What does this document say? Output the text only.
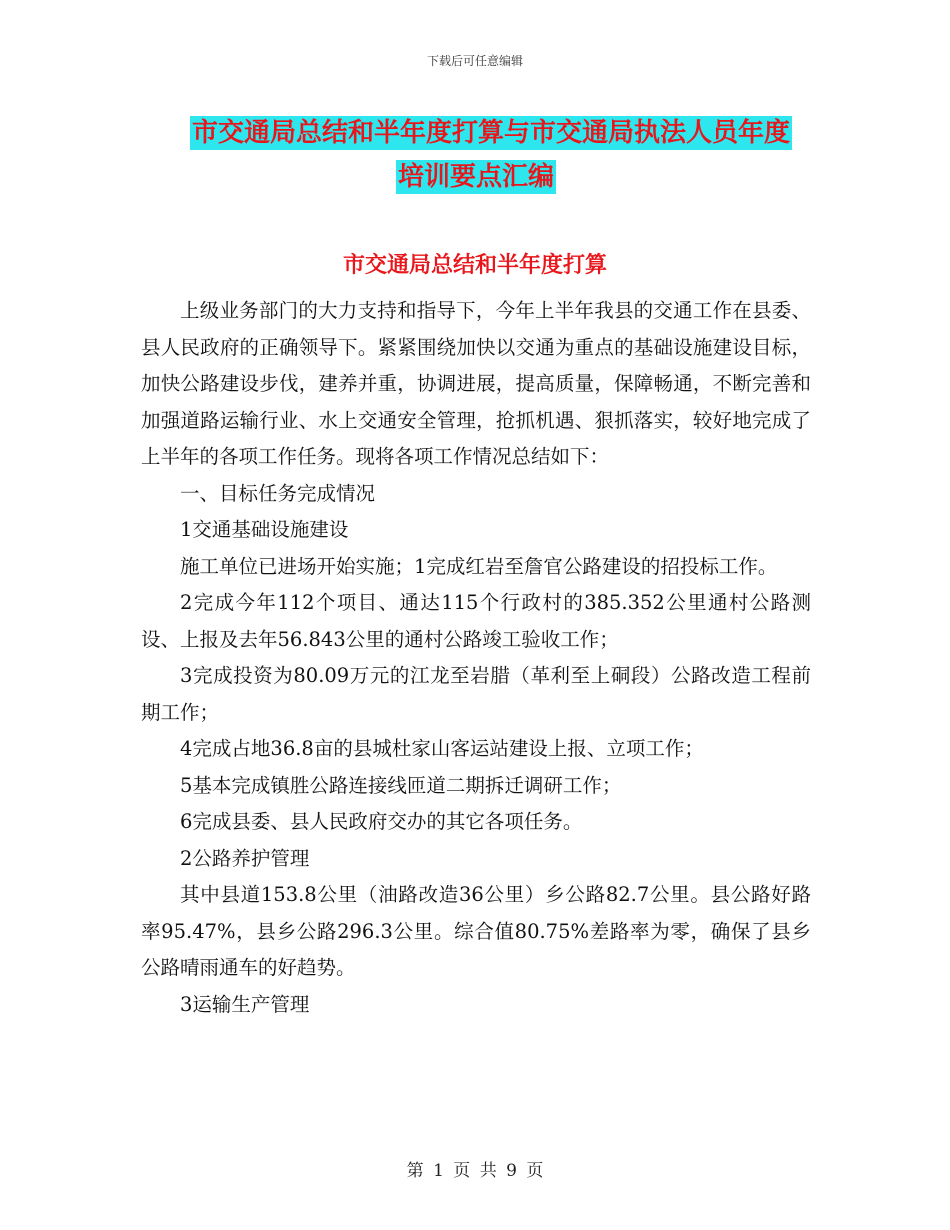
下载后可任意编辑
市交通局总结和半年度打算与市交通局执法人员年度
培训要点汇编
市交通局总结和半年度打算

上级业务部门的大力支持和指导下，今年上半年我县的交通工作在县委、县人民政府的正确领导下。紧紧围绕加快以交通为重点的基础设施建设目标，加快公路建设步伐，建养并重，协调进展，提高质量，保障畅通，不断完善和加强道路运输行业、水上交通安全管理，抢抓机遇、狠抓落实，较好地完成了上半年的各项工作任务。现将各项工作情况总结如下：

一、目标任务完成情况

1交通基础设施建设

施工单位已进场开始实施；1完成红岩至詹官公路建设的招投标工作。

2完成今年112个项目、通达115个行政村的385.352公里通村公路测设、上报及去年56.843公里的通村公路竣工验收工作；

3完成投资为80.09万元的江龙至岩腊（革利至上硐段）公路改造工程前期工作；

4完成占地36.8亩的县城杜家山客运站建设上报、立项工作；

5基本完成镇胜公路连接线匝道二期拆迁调研工作；

6完成县委、县人民政府交办的其它各项任务。

2公路养护管理

其中县道153.8公里（油路改造36公里）乡公路82.7公里。县公路好路率95.47%，县乡公路296.3公里。综合值80.75%差路率为零，确保了县乡公路晴雨通车的好趋势。

3运输生产管理

第 1 页 共 9 页
